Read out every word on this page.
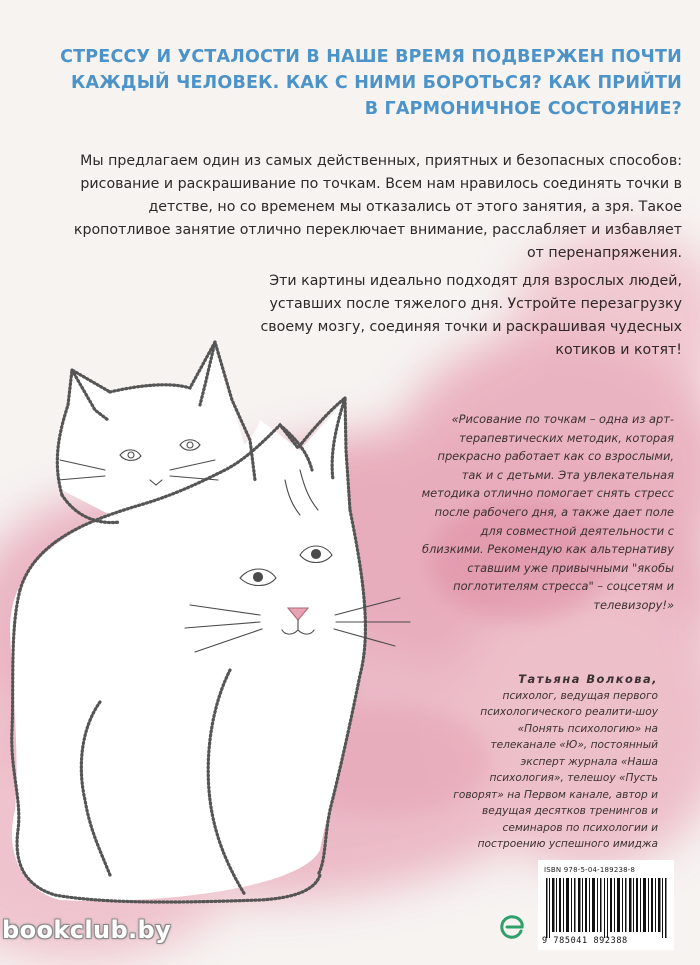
СТРЕССУ И УСТАЛОСТИ В НАШЕ ВРЕМЯ ПОДВЕРЖЕН ПОЧТИ КАЖДЫЙ ЧЕЛОВЕК. КАК С НИМИ БОРОТЬСЯ? КАК ПРИЙТИ В ГАРМОНИЧНОЕ СОСТОЯНИЕ?
Мы предлагаем один из самых действенных, приятных и безопасных способов: рисование и раскрашивание по точкам. Всем нам нравилось соединять точки в детстве, но со временем мы отказались от этого занятия, а зря. Такое кропотливое занятие отлично переключает внимание, расслабляет и избавляет от перенапряжения.
Эти картины идеально подходят для взрослых людей, уставших после тяжелого дня. Устройте перезагрузку своему мозгу, соединяя точки и раскрашивая чудесных котиков и котят!
«Рисование по точкам – одна из арт-терапевтических методик, которая прекрасно работает как со взрослыми, так и с детьми. Эта увлекательная методика отлично помогает снять стресс после рабочего дня, а также дает поле для совместной деятельности с близкими. Рекомендую как альтернативу ставшим уже привычными "якобы поглотителям стресса" – соцсетям и телевизору!»
Татьяна Волкова,
психолог, ведущая первого психологического реалити-шоу «Понять психологию» на телеканале «Ю», постоянный эксперт журнала «Наша психология», телешоу «Пусть говорят» на Первом канале, автор и ведущая десятков тренингов и семинаров по психологии и построению успешного имиджа
ISBN 978-5-04-189238-8
9 785041 892388
bookclub.by
